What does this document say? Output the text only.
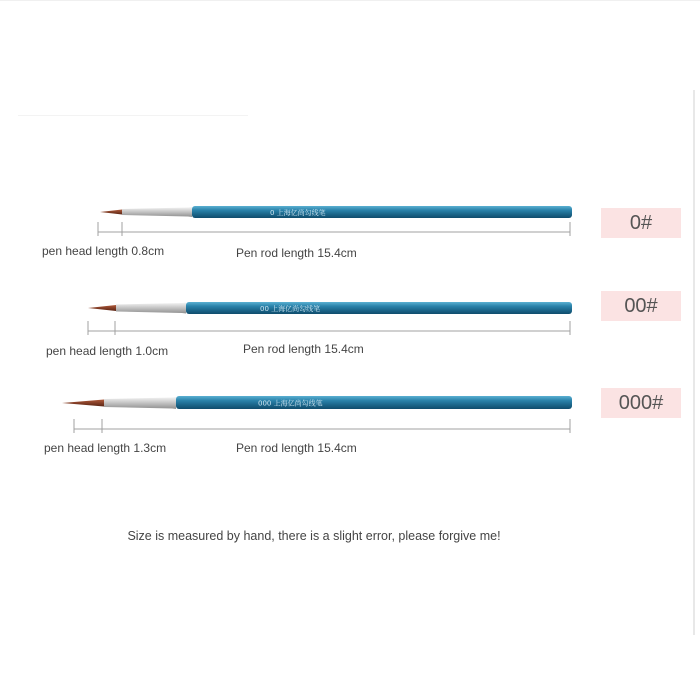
0 上海亿尚勾线笔
00 上海亿尚勾线笔
000 上海亿尚勾线笔
pen head length 0.8cm	Pen rod length 15.4cm
0#
pen head length 1.0cm	Pen rod length 15.4cm
00#
pen head length 1.3cm	Pen rod length 15.4cm
000#
Size is measured by hand, there is a slight error, please forgive me!
